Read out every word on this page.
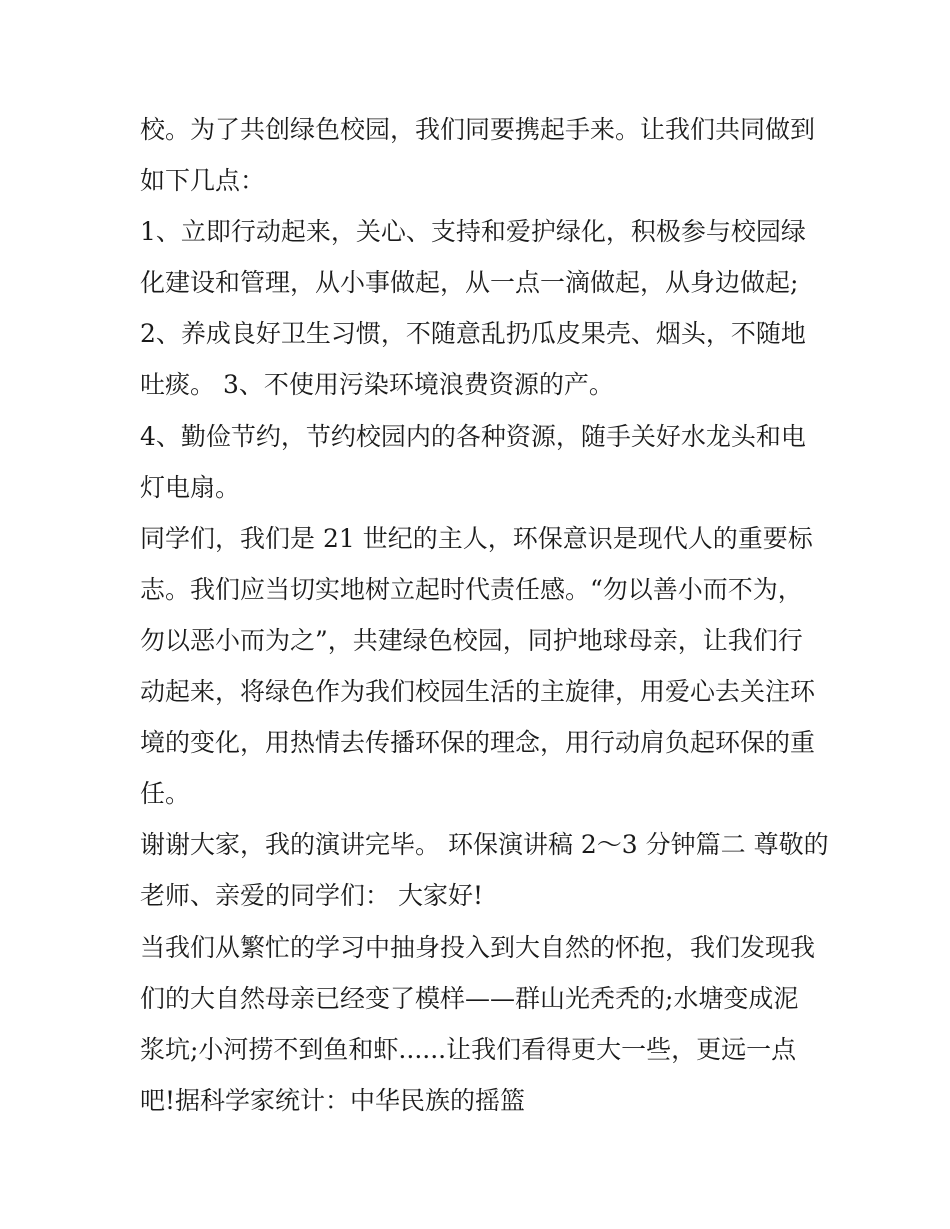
校。为了共创绿色校园，我们同要携起手来。让我们共同做到
如下几点：
1、立即行动起来，关心、支持和爱护绿化，积极参与校园绿
化建设和管理，从小事做起，从一点一滴做起，从身边做起;
2、养成良好卫生习惯，不随意乱扔瓜皮果壳、烟头，不随地
吐痰。 3、不使用污染环境浪费资源的产。
4、勤俭节约，节约校园内的各种资源，随手关好水龙头和电
灯电扇。
同学们，我们是 21 世纪的主人，环保意识是现代人的重要标
志。我们应当切实地树立起时代责任感。“勿以善小而不为，
勿以恶小而为之”，共建绿色校园，同护地球母亲，让我们行
动起来，将绿色作为我们校园生活的主旋律，用爱心去关注环
境的变化，用热情去传播环保的理念，用行动肩负起环保的重
任。
谢谢大家，我的演讲完毕。 环保演讲稿 2～3 分钟篇二 尊敬的
老师、亲爱的同学们： 大家好!
当我们从繁忙的学习中抽身投入到大自然的怀抱，我们发现我
们的大自然母亲已经变了模样——群山光秃秃的;水塘变成泥
浆坑;小河捞不到鱼和虾......让我们看得更大一些，更远一点
吧!据科学家统计：中华民族的摇篮
